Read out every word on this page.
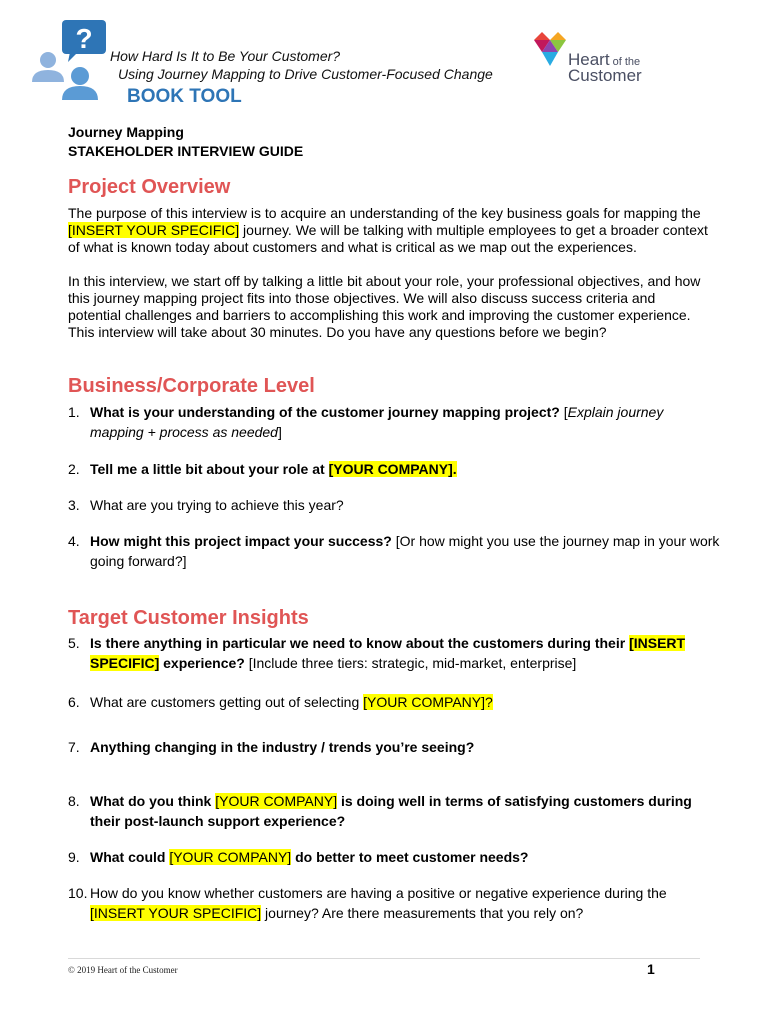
?
How Hard Is It to Be Your Customer?
Using Journey Mapping to Drive Customer-Focused Change
BOOK TOOL
Heart of the
Customer
Journey Mapping
STAKEHOLDER INTERVIEW GUIDE
Project Overview
The purpose of this interview is to acquire an understanding of the key business goals for mapping the [INSERT YOUR SPECIFIC] journey. We will be talking with multiple employees to get a broader context of what is known today about customers and what is critical as we map out the experiences.
In this interview, we start off by talking a little bit about your role, your professional objectives, and how this journey mapping project fits into those objectives. We will also discuss success criteria and potential challenges and barriers to accomplishing this work and improving the customer experience. This interview will take about 30 minutes. Do you have any questions before we begin?
Business/Corporate Level
1. What is your understanding of the customer journey mapping project? [Explain journey mapping + process as needed]
2. Tell me a little bit about your role at [YOUR COMPANY].
3. What are you trying to achieve this year?
4. How might this project impact your success? [Or how might you use the journey map in your work going forward?]
Target Customer Insights
5. Is there anything in particular we need to know about the customers during their [INSERT SPECIFIC] experience? [Include three tiers: strategic, mid-market, enterprise]
6. What are customers getting out of selecting [YOUR COMPANY]?
7. Anything changing in the industry / trends you’re seeing?
8. What do you think [YOUR COMPANY] is doing well in terms of satisfying customers during their post-launch support experience?
9. What could [YOUR COMPANY] do better to meet customer needs?
10. How do you know whether customers are having a positive or negative experience during the [INSERT YOUR SPECIFIC] journey? Are there measurements that you rely on?
© 2019 Heart of the Customer	1
